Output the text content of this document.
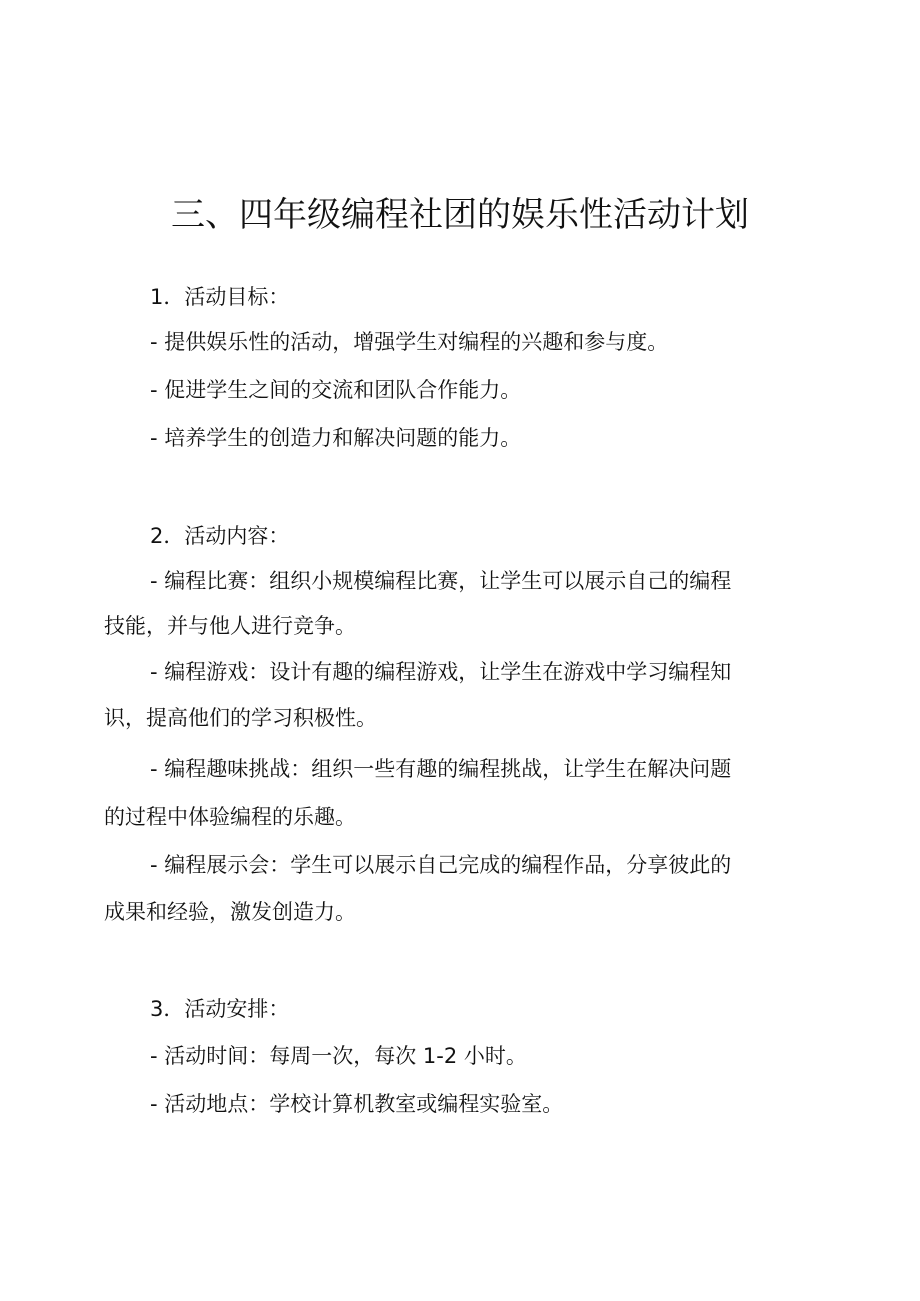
三、四年级编程社团的娱乐性活动计划
1．活动目标：
- 提供娱乐性的活动，增强学生对编程的兴趣和参与度。
- 促进学生之间的交流和团队合作能力。
- 培养学生的创造力和解决问题的能力。
2．活动内容：
- 编程比赛：组织小规模编程比赛，让学生可以展示自己的编程
技能，并与他人进行竞争。
- 编程游戏：设计有趣的编程游戏，让学生在游戏中学习编程知
识，提高他们的学习积极性。
- 编程趣味挑战：组织一些有趣的编程挑战，让学生在解决问题
的过程中体验编程的乐趣。
- 编程展示会：学生可以展示自己完成的编程作品，分享彼此的
成果和经验，激发创造力。
3．活动安排：
- 活动时间：每周一次，每次 1-2 小时。
- 活动地点：学校计算机教室或编程实验室。
